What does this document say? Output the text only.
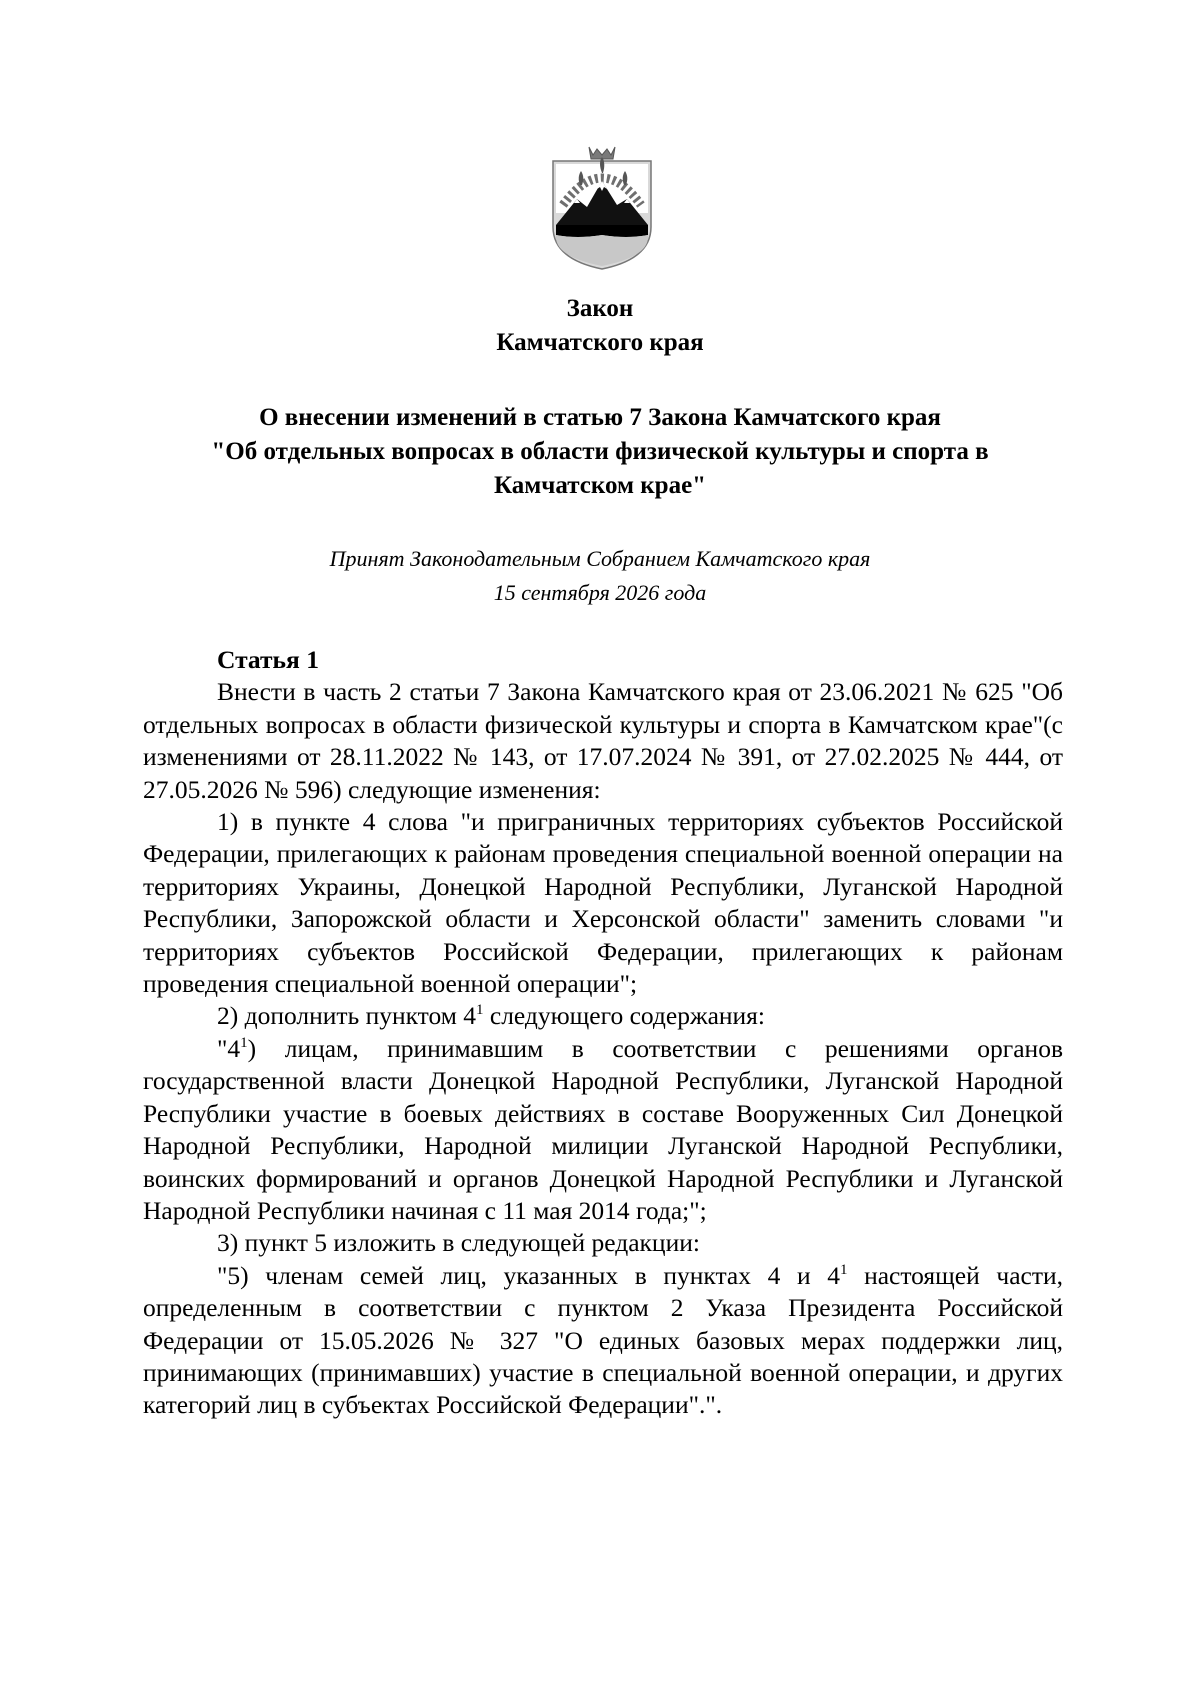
Закон
Камчатского края
О внесении изменений в статью 7 Закона Камчатского края
"Об отдельных вопросах в области физической культуры и спорта в
Камчатском крае"
Принят Законодательным Собранием Камчатского края
15 сентября 2026 года

Статья 1

Внести в часть 2 статьи 7 Закона Камчатского края от 23.06.2021 № 625 "Об отдельных вопросах в области физической культуры и спорта в Камчатском крае"(с изменениями от 28.11.2022 № 143, от 17.07.2024 № 391, от 27.02.2025 № 444, от 27.05.2026 № 596) следующие изменения:

1) в пункте 4 слова "и приграничных территориях субъектов Российской Федерации, прилегающих к районам проведения специальной военной операции на территориях Украины, Донецкой Народной Республики, Луганской Народной Республики, Запорожской области и Херсонской области" заменить словами "и территориях субъектов Российской Федерации, прилегающих к районам проведения специальной военной операции";

2) дополнить пунктом $4^1$ следующего содержания:

"$4^1$) лицам, принимавшим в соответствии с решениями органов государственной власти Донецкой Народной Республики, Луганской Народной Республики участие в боевых действиях в составе Вооруженных Сил Донецкой Народной Республики, Народной милиции Луганской Народной Республики, воинских формирований и органов Донецкой Народной Республики и Луганской Народной Республики начиная с 11 мая 2014 года;";

3) пункт 5 изложить в следующей редакции:

"5) членам семей лиц, указанных в пунктах 4 и $4^1$ настоящей части, определенным в соответствии с пунктом 2 Указа Президента Российской Федерации от 15.05.2026 № 327 "О единых базовых мерах поддержки лиц, принимающих (принимавших) участие в специальной военной операции, и других категорий лиц в субъектах Российской Федерации".".
